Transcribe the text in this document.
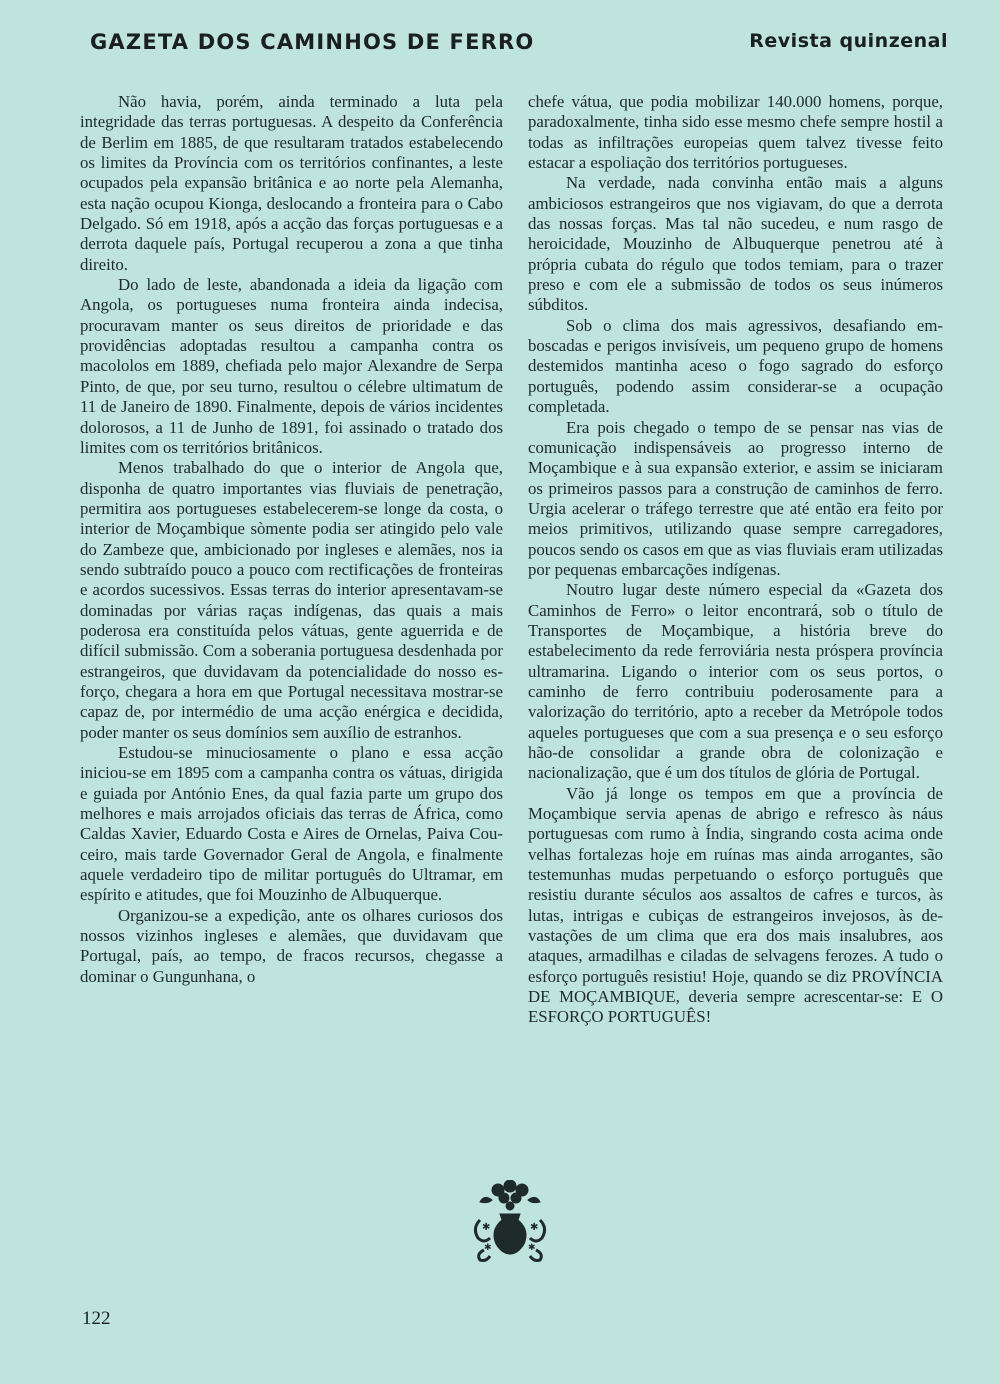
GAZETA DOS CAMINHOS DE FERRO	Revista quinzenal

Não havia, porém, ainda terminado a luta pela integridade das terras portuguesas. A despeito da Conferência de Berlim em 1885, de que resultaram tratados estabelecendo os limites da Província com os territórios confinantes, a leste ocupados pela expansão britânica e ao norte pela Alemanha, esta nação ocupou Kionga, deslocando a fronteira para o Cabo Delgado. Só em 1918, após a acção das forças portuguesas e a derrota daquele país, Portugal recuperou a zona a que tinha direito.

Do lado de leste, abandonada a ideia da ligação com Angola, os portugueses numa fronteira ainda indecisa, procuravam manter os seus direitos de prioridade e das providências adoptadas resultou a campanha contra os macololos em 1889, chefiada pelo major Alexandre de Serpa Pinto, de que, por seu turno, resultou o célebre ultimatum de 11 de Janeiro de 1890. Finalmente, depois de vários incidentes dolorosos, a 11 de Junho de 1891, foi assinado o tratado dos limites com os territórios britânicos.

Menos trabalhado do que o interior de Angola que, disponha de quatro importantes vias fluviais de penetração, permitira aos portugueses estabelecerem-se longe da costa, o interior de Moçambique sòmente podia ser atingido pelo vale do Zambeze que, ambicionado por ingleses e alemães, nos ia sendo subtraído pouco a pouco com rectificações de fronteiras e acordos sucessivos. Essas terras do interior apresentavam-se dominadas por várias raças indígenas, das quais a mais poderosa era constituída pelos vátuas, gente aguerrida e de difícil submissão. Com a soberania portuguesa desdenhada por estrangeiros, que duvidavam da potencialidade do nosso esforço, chegara a hora em que Portugal necessitava mostrar-se capaz de, por intermédio de uma acção enérgica e decidida, poder manter os seus domínios sem auxílio de estranhos.

Estudou-se minuciosamente o plano e essa acção iniciou-se em 1895 com a campanha contra os vátuas, dirigida e guiada por António Enes, da qual fazia parte um grupo dos melhores e mais arrojados oficiais das terras de África, como Caldas Xavier, Eduardo Costa e Aires de Ornelas, Paiva Couceiro, mais tarde Governador Geral de Angola, e finalmente aquele verdadeiro tipo de militar português do Ultramar, em espírito e atitudes, que foi Mouzinho de Albuquerque.

Organizou-se a expedição, ante os olhares curiosos dos nossos vizinhos ingleses e alemães, que duvidavam que Portugal, país, ao tempo, de fracos recursos, chegasse a dominar o Gungunhana, o

chefe vátua, que podia mobilizar 140.000 homens, porque, paradoxalmente, tinha sido esse mesmo chefe sempre hostil a todas as infiltrações europeias quem talvez tivesse feito estacar a espoliação dos territórios portugueses.

Na verdade, nada convinha então mais a alguns ambiciosos estrangeiros que nos vigiavam, do que a derrota das nossas forças. Mas tal não sucedeu, e num rasgo de heroicidade, Mouzinho de Albuquerque penetrou até à própria cubata do régulo que todos temiam, para o trazer preso e com ele a submissão de todos os seus inúmeros súbditos.

Sob o clima dos mais agressivos, desafiando emboscadas e perigos invisíveis, um pequeno grupo de homens destemidos mantinha aceso o fogo sagrado do esforço português, podendo assim considerar-se a ocupação completada.

Era pois chegado o tempo de se pensar nas vias de comunicação indispensáveis ao progresso interno de Moçambique e à sua expansão exterior, e assim se iniciaram os primeiros passos para a construção de caminhos de ferro. Urgia acelerar o tráfego terrestre que até então era feito por meios primitivos, utilizando quase sempre carregadores, poucos sendo os casos em que as vias fluviais eram utilizadas por pequenas embarcações indígenas.

Noutro lugar deste número especial da «Gazeta dos Caminhos de Ferro» o leitor encontrará, sob o título de Transportes de Moçambique, a história breve do estabelecimento da rede ferroviária nesta próspera província ultramarina. Ligando o interior com os seus portos, o caminho de ferro contribuiu poderosamente para a valorização do território, apto a receber da Metrópole todos aqueles portugueses que com a sua presença e o seu esforço hão-de consolidar a grande obra de colonização e nacionalização, que é um dos títulos de glória de Portugal.

Vão já longe os tempos em que a província de Moçambique servia apenas de abrigo e refresco às náus portuguesas com rumo à Índia, singrando costa acima onde velhas fortalezas hoje em ruínas mas ainda arrogantes, são testemunhas mudas perpetuando o esforço português que resistiu durante séculos aos assaltos de cafres e turcos, às lutas, intrigas e cubiças de estrangeiros invejosos, às devastações de um clima que era dos mais insalubres, aos ataques, armadilhas e ciladas de selvagens ferozes. A tudo o esforço português resistiu! Hoje, quando se diz PROVÍNCIA DE MOÇAMBIQUE, deveria sempre acrescentar-se: E O ESFORÇO PORTUGUÊS!

✱	✱
✱	✱
122
